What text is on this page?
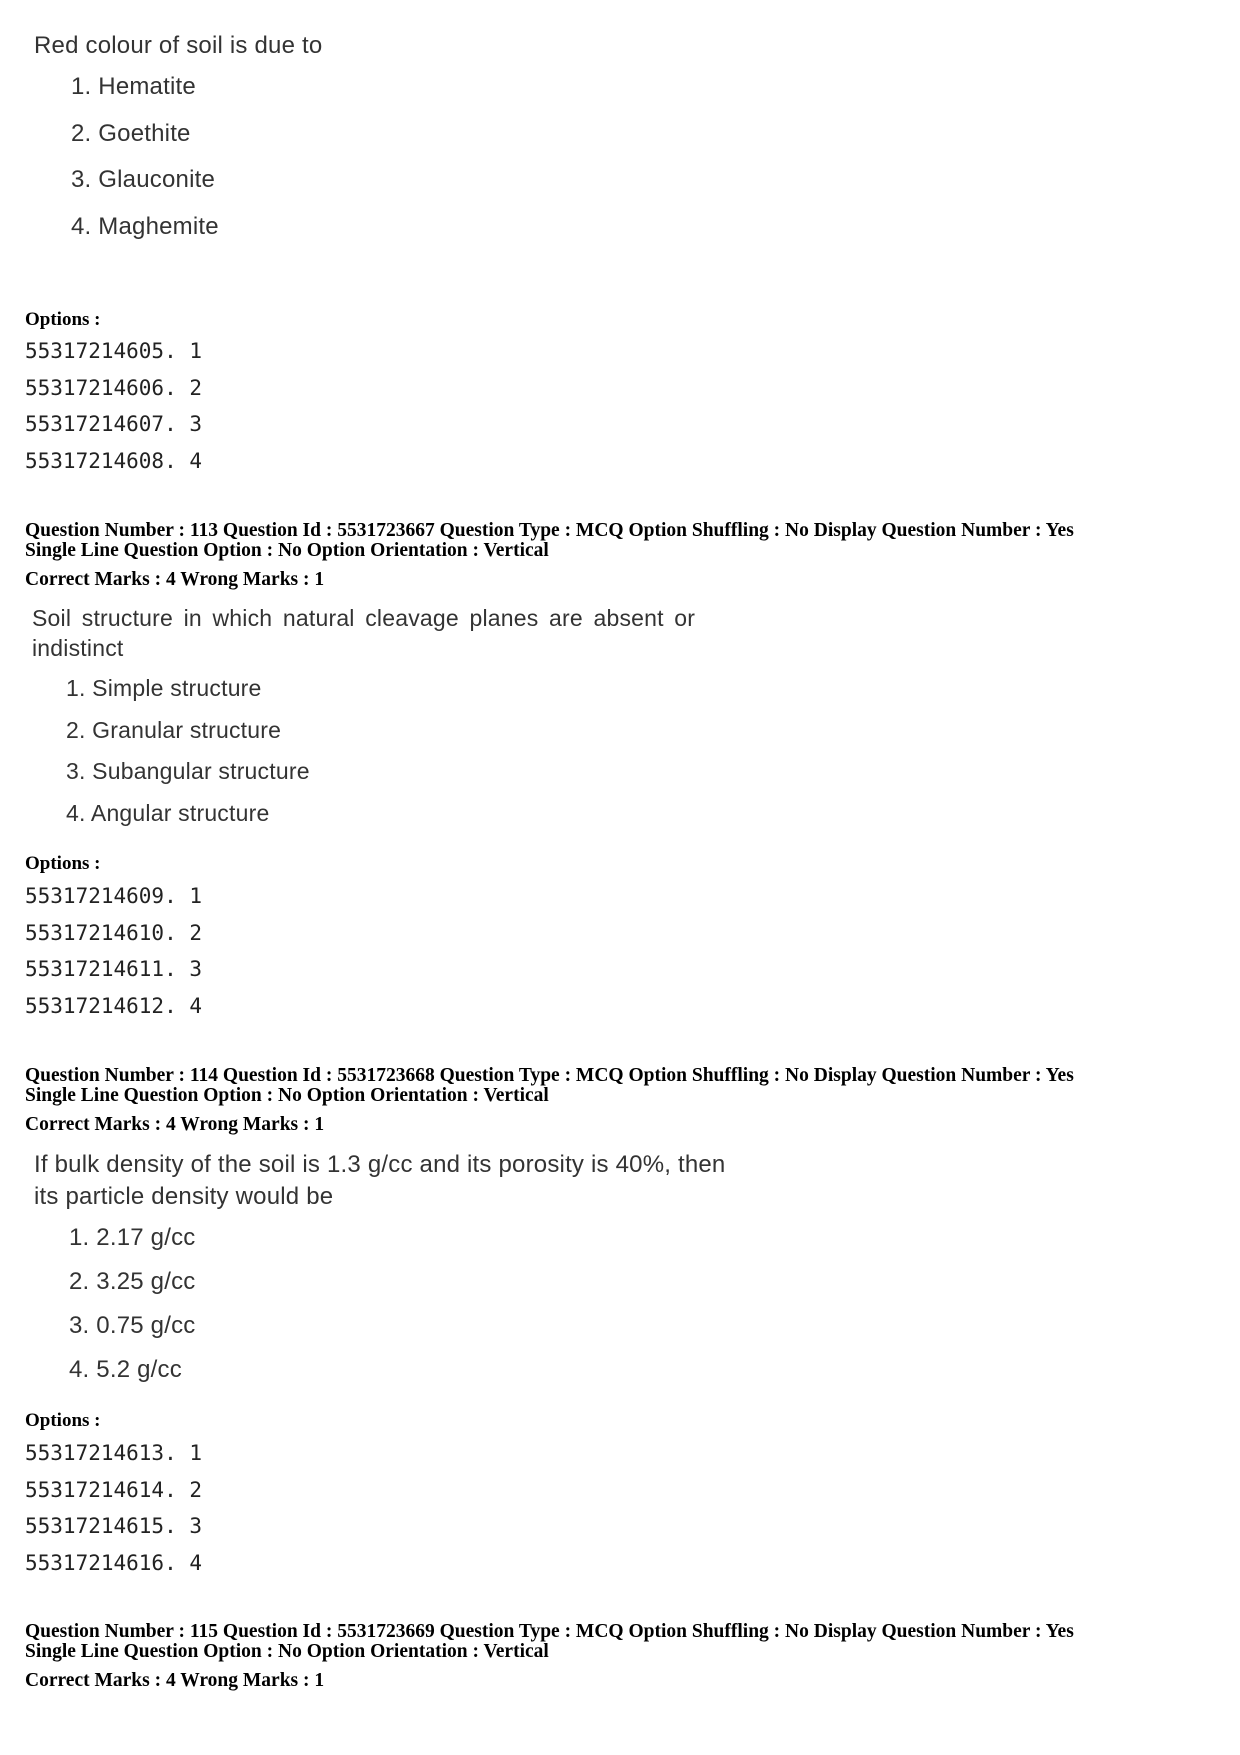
Red colour of soil is due to
1. Hematite
2. Goethite
3. Glauconite
4. Maghemite
Options :
55317214605. 1
55317214606. 2
55317214607. 3
55317214608. 4
Question Number : 113 Question Id : 5531723667 Question Type : MCQ Option Shuffling : No Display Question Number : Yes
Single Line Question Option : No Option Orientation : Vertical
Correct Marks : 4 Wrong Marks : 1
Soil structure in which natural cleavage planes are absent or
indistinct
1. Simple structure
2. Granular structure
3. Subangular structure
4. Angular structure
Options :
55317214609. 1
55317214610. 2
55317214611. 3
55317214612. 4
Question Number : 114 Question Id : 5531723668 Question Type : MCQ Option Shuffling : No Display Question Number : Yes
Single Line Question Option : No Option Orientation : Vertical
Correct Marks : 4 Wrong Marks : 1
If bulk density of the soil is 1.3 g/cc and its porosity is 40%, then
its particle density would be
1. 2.17 g/cc
2. 3.25 g/cc
3. 0.75 g/cc
4. 5.2 g/cc
Options :
55317214613. 1
55317214614. 2
55317214615. 3
55317214616. 4
Question Number : 115 Question Id : 5531723669 Question Type : MCQ Option Shuffling : No Display Question Number : Yes
Single Line Question Option : No Option Orientation : Vertical
Correct Marks : 4 Wrong Marks : 1
